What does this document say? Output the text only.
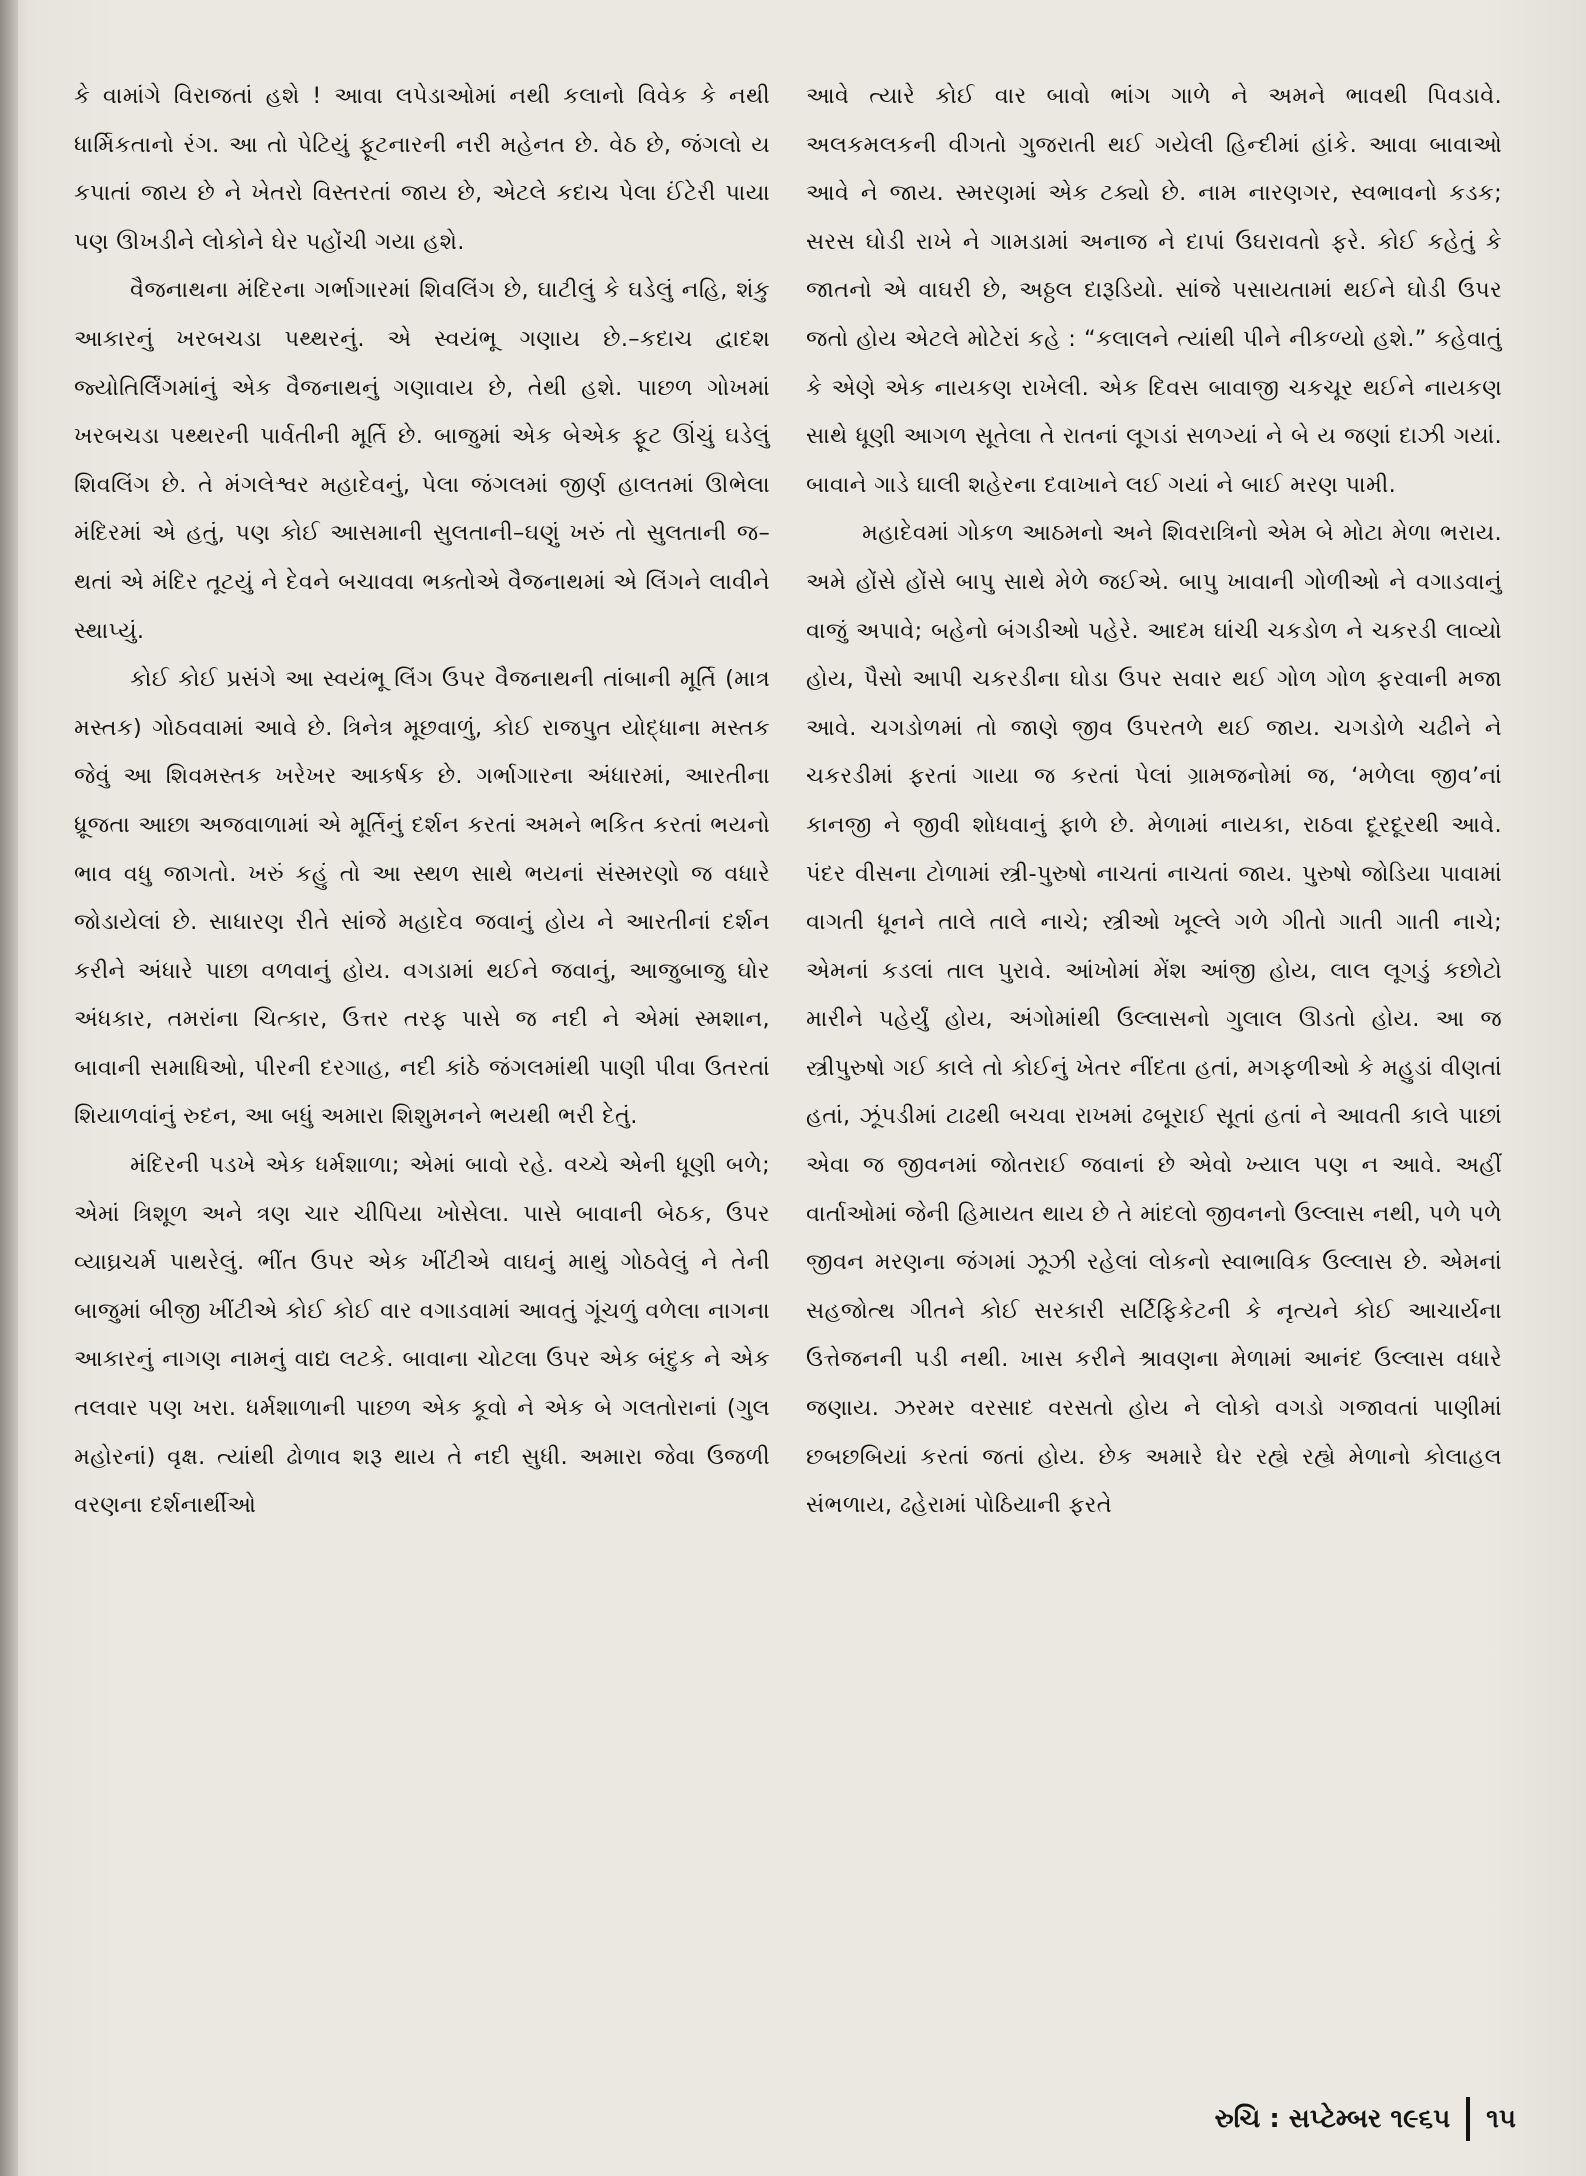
કે વામાંગે વિરાજતાં હશે ! આવા લપેડાઓમાં નથી કલાનો વિવેક કે નથી ધાર્મિકતાનો રંગ. આ તો પેટિયું ફૂટનારની નરી મહેનત છે. વેઠ છે, જંગલો ય કપાતાં જાય છે ને ખેતરો વિસ્તરતાં જાય છે, એટલે કદાચ પેલા ઈંટેરી પાયા પણ ઊખડીને લોકોને ઘેર પહોંચી ગયા હશે.

વૈજનાથના મંદિરના ગર્ભાગારમાં શિવલિંગ છે, ઘાટીલું કે ઘડેલું નહિ, શંકુ આકારનું ખરબચડા પથ્થરનું. એ સ્વયંભૂ ગણાય છે.–કદાચ દ્વાદશ જ્યોતિર્લિંગમાંનું એક વૈજનાથનું ગણાવાય છે, તેથી હશે. પાછળ ગોખમાં ખરબચડા પથ્થરની પાર્વતીની મૂર્તિ છે. બાજુમાં એક બેએક ફૂટ ઊંચું ઘડેલું શિવલિંગ છે. તે મંગલેશ્વર મહાદેવનું, પેલા જંગલમાં જીર્ણ હાલતમાં ઊભેલા મંદિરમાં એ હતું, પણ કોઈ આસમાની સુલતાની–ઘણું ખરું તો સુલતાની જ–થતાં એ મંદિર તૂટયું ને દેવને બચાવવા ભક્તોએ વૈજનાથમાં એ લિંગને લાવીને સ્થાપ્યું.

કોઈ કોઈ પ્રસંગે આ સ્વયંભૂ લિંગ ઉપર વૈજનાથની તાંબાની મૂર્તિ (માત્ર મસ્તક) ગોઠવવામાં આવે છે. ત્રિનેત્ર મૂછવાળું, કોઈ રાજપુત યોદ્ધાના મસ્તક જેવું આ શિવમસ્તક ખરેખર આકર્ષક છે. ગર્ભાગારના અંધારમાં, આરતીના ધ્રૂજતા આછા અજવાળામાં એ મૂર્તિનું દર્શન કરતાં અમને ભકિત કરતાં ભયનો ભાવ વધુ જાગતો. ખરું કહું તો આ સ્થળ સાથે ભયનાં સંસ્મરણો જ વધારે જોડાયેલાં છે. સાધારણ રીતે સાંજે મહાદેવ જવાનું હોય ને આરતીનાં દર્શન કરીને અંધારે પાછા વળવાનું હોય. વગડામાં થઈને જવાનું, આજુબાજુ ઘોર અંધકાર, તમરાંના ચિત્કાર, ઉત્તર તરફ પાસે જ નદી ને એમાં સ્મશાન, બાવાની સમાધિઓ, પીરની દરગાહ, નદી કાંઠે જંગલમાંથી પાણી પીવા ઉતરતાં શિયાળવાંનું રુદન, આ બધું અમારા શિશુમનને ભયથી ભરી દેતું.

મંદિરની પડખે એક ધર્મશાળા; એમાં બાવો રહે. વચ્ચે એની ધૂણી બળે; એમાં ત્રિશૂળ અને ત્રણ ચાર ચીપિયા ખોસેલા. પાસે બાવાની બેઠક, ઉપર વ્યાઘ્રચર્મ પાથરેલું. ભીંત ઉપર એક ખીંટીએ વાઘનું માથું ગોઠવેલું ને તેની બાજુમાં બીજી ખીંટીએ કોઈ કોઈ વાર વગાડવામાં આવતું ગૂંચળું વળેલા નાગના આકારનું નાગણ નામનું વાદ્ય લટકે. બાવાના ચોટલા ઉપર એક બંદુક ને એક તલવાર પણ ખરા. ધર્મશાળાની પાછળ એક કૂવો ને એક બે ગલતોરાનાં (ગુલ મહોરનાં) વૃક્ષ. ત્યાંથી ઢોળાવ શરૂ થાય તે નદી સુધી. અમારા જેવા ઉજળી વરણના દર્શનાર્થીઓ

આવે ત્યારે કોઈ વાર બાવો ભાંગ ગાળે ને અમને ભાવથી પિવડાવે. અલકમલકની વીગતો ગુજરાતી થઈ ગયેલી હિન્દીમાં હાંકે. આવા બાવાઓ આવે ને જાય. સ્મરણમાં એક ટક્યો છે. નામ નારણગર, સ્વભાવનો કડક; સરસ ઘોડી રાખે ને ગામડામાં અનાજ ને દાપાં ઉઘરાવતો ફરે. કોઈ કહેતું કે જાતનો એ વાઘરી છે, અઠ્ઠલ દારૂડિયો. સાંજે પસાયતામાં થઈને ઘોડી ઉપર જતો હોય એટલે મોટેરાં કહે : “કલાલને ત્યાંથી પીને નીકળ્યો હશે.” કહેવાતું કે એણે એક નાયકણ રાખેલી. એક દિવસ બાવાજી ચકચૂર થઈને નાયકણ સાથે ધૂણી આગળ સૂતેલા તે રાતનાં લૂગડાં સળગ્યાં ને બે ય જણાં દાઝી ગયાં. બાવાને ગાડે ઘાલી શહેરના દવાખાને લઈ ગયાં ને બાઈ મરણ પામી.

મહાદેવમાં ગોકળ આઠમનો અને શિવરાત્રિનો એમ બે મોટા મેળા ભરાય. અમે હોંસે હોંસે બાપુ સાથે મેળે જઈએ. બાપુ ખાવાની ગોળીઓ ને વગાડવાનું વાજું અપાવે; બહેનો બંગડીઓ પહેરે. આદમ ઘાંચી ચકડોળ ને ચકરડી લાવ્યો હોય, પૈસો આપી ચકરડીના ઘોડા ઉપર સવાર થઈ ગોળ ગોળ ફરવાની મજા આવે. ચગડોળમાં તો જાણે જીવ ઉપરતળે થઈ જાય. ચગડોળે ચઢીને ને ચકરડીમાં ફરતાં ગાયા જ કરતાં પેલાં ગ્રામજનોમાં જ, ‘મળેલા જીવ’નાં કાનજી ને જીવી શોધવાનું ફાળે છે. મેળામાં નાયકા, રાઠવા દૂરદૂરથી આવે. પંદર વીસના ટોળામાં સ્ત્રી-પુરુષો નાચતાં નાચતાં જાય. પુરુષો જોડિયા પાવામાં વાગતી ધૂનને તાલે તાલે નાચે; સ્ત્રીઓ ખૂલ્લે ગળે ગીતો ગાતી ગાતી નાચે; એમનાં કડલાં તાલ પુરાવે. આંખોમાં મેંશ આંજી હોય, લાલ લૂગડું કછોટો મારીને પહેર્યું હોય, અંગોમાંથી ઉલ્લાસનો ગુલાલ ઊડતો હોય. આ જ સ્ત્રીપુરુષો ગઈ કાલે તો કોઈનું ખેતર નીંદતા હતાં, મગફળીઓ કે મહુડાં વીણતાં હતાં, ઝૂંપડીમાં ટાઢથી બચવા રાખમાં ઢબૂરાઈ સૂતાં હતાં ને આવતી કાલે પાછાં એવા જ જીવનમાં જોતરાઈ જવાનાં છે એવો ખ્યાલ પણ ન આવે. અહીં વાર્તાઓમાં જેની હિમાયત થાય છે તે માંદલો જીવનનો ઉલ્લાસ નથી, પળે પળે જીવન મરણના જંગમાં ઝૂઝી રહેલાં લોકનો સ્વાભાવિક ઉલ્લાસ છે. એમનાં સહજોત્થ ગીતને કોઈ સરકારી સર્ટિફિકેટની કે નૃત્યને કોઈ આચાર્યના ઉત્તેજનની પડી નથી. ખાસ કરીને શ્રાવણના મેળામાં આનંદ ઉલ્લાસ વધારે જણાય. ઝરમર વરસાદ વરસતો હોય ને લોકો વગડો ગજાવતાં પાણીમાં છબછબિયાં કરતાં જતાં હોય. છેક અમારે ઘેર રહ્યે રહ્યે મેળાનો કોલાહલ સંભળાય, ઢહેરામાં પોઠિયાની ફરતે

રુચિ : સપ્ટેમ્બર ૧૯૬૫ ૧૫
